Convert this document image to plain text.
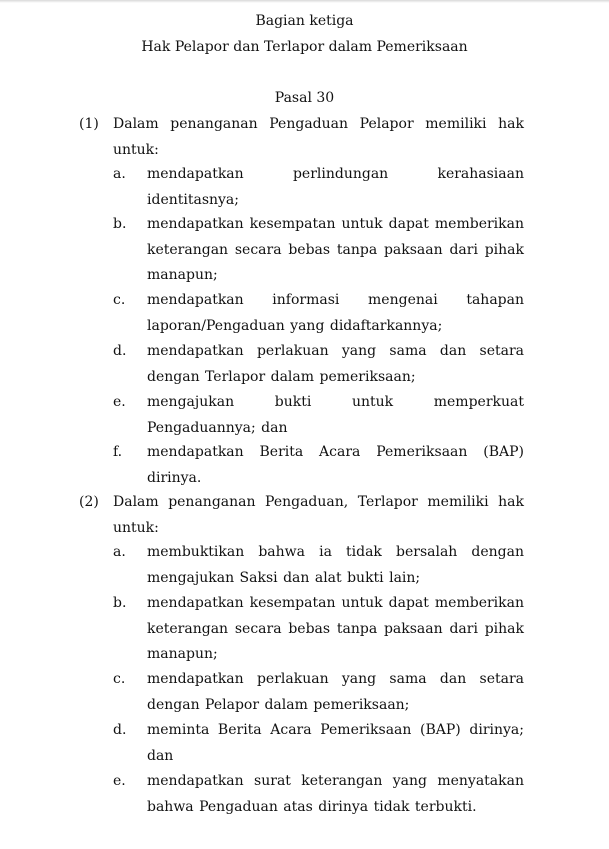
Bagian ketiga
Hak Pelapor dan Terlapor dalam Pemeriksaan
Pasal 30
(1)	Dalam penanganan Pengaduan Pelapor memiliki hak untuk:
a.	mendapatkan perlindungan kerahasiaan identitasnya;
b.	mendapatkan kesempatan untuk dapat memberikan keterangan secara bebas tanpa paksaan dari pihak manapun;
c.	mendapatkan informasi mengenai tahapan laporan/Pengaduan yang didaftarkannya;
d.	mendapatkan perlakuan yang sama dan setara dengan Terlapor dalam pemeriksaan;
e.	mengajukan bukti untuk memperkuat Pengaduannya; dan
f.	mendapatkan Berita Acara Pemeriksaan (BAP) dirinya.
(2)	Dalam penanganan Pengaduan, Terlapor memiliki hak untuk:
a.	membuktikan bahwa ia tidak bersalah dengan mengajukan Saksi dan alat bukti lain;
b.	mendapatkan kesempatan untuk dapat memberikan keterangan secara bebas tanpa paksaan dari pihak manapun;
c.	mendapatkan perlakuan yang sama dan setara dengan Pelapor dalam pemeriksaan;
d.	meminta Berita Acara Pemeriksaan (BAP) dirinya; dan
e.	mendapatkan surat keterangan yang menyatakan bahwa Pengaduan atas dirinya tidak terbukti.
